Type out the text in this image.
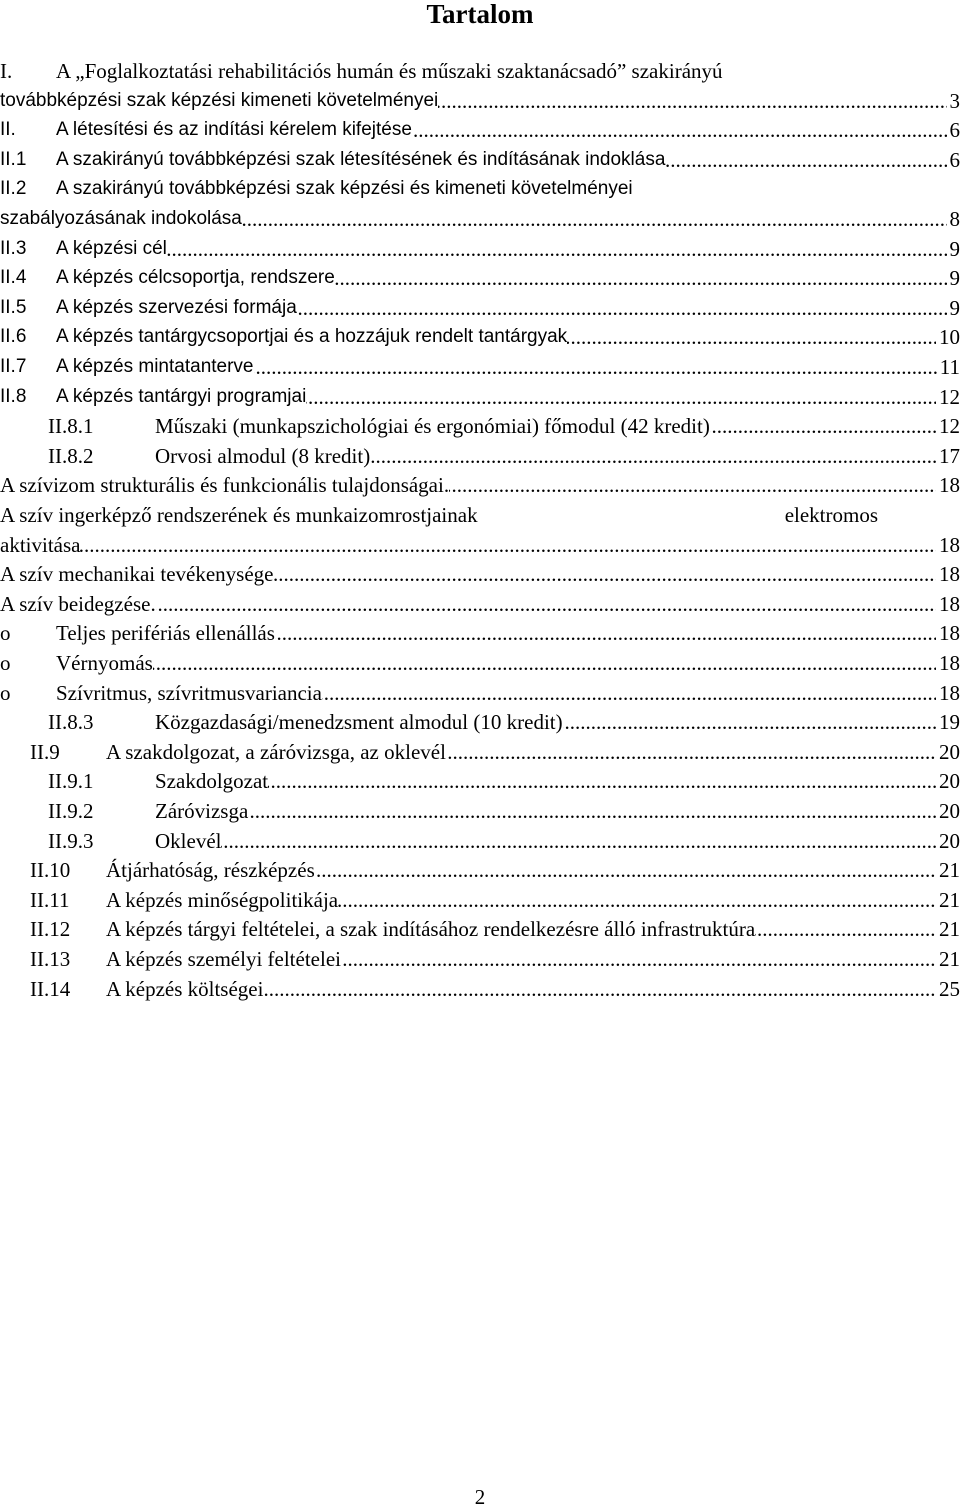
Tartalom
I. A „Foglalkoztatási rehabilitációs humán és műszaki szaktanácsadó” szakirányú
továbbképzési szak képzési kimeneti követelményei .....	3
II. A létesítési és az indítási kérelem kifejtése .....	6
II.1 A szakirányú továbbképzési szak létesítésének és indításának indoklása .....	6
II.2 A szakirányú továbbképzési szak képzési és kimeneti követelményei
szabályozásának indokolása .....	8
II.3 A képzési cél .....	9
II.4 A képzés célcsoportja, rendszere .....	9
II.5 A képzés szervezési formája .....	9
II.6 A képzés tantárgycsoportjai és a hozzájuk rendelt tantárgyak .....	10
II.7 A képzés mintatanterve .....	11
II.8 A képzés tantárgyi programjai .....	12
II.8.1	Műszaki (munkapszichológiai és ergonómiai) főmodul (42 kredit) .....	12
II.8.2	Orvosi almodul (8 kredit) .....	17
A szívizom strukturális és funkcionális tulajdonságai. .....	18
A szív ingerképző rendszerének és munkaizomrostjainak	elektromos
aktivitása .....	18
A szív mechanikai tevékenysége .....	18
A szív beidegzése. .....	18
o Teljes perifériás ellenállás .....	18
o Vérnyomás .....	18
o Szívritmus, szívritmusvariancia .....	18
II.8.3	Közgazdasági/menedzsment almodul (10 kredit) .....	19
II.9 A szakdolgozat, a záróvizsga, az oklevél .....	20
II.9.1	Szakdolgozat .....	20
II.9.2	Záróvizsga .....	20
II.9.3	Oklevél .....	20
II.10 Átjárhatóság, részképzés .....	21
II.11 A képzés minőségpolitikája .....	21
II.12 A képzés tárgyi feltételei, a szak indításához rendelkezésre álló infrastruktúra .....	21
II.13 A képzés személyi feltételei .....	21
II.14 A képzés költségei .....	25
2
